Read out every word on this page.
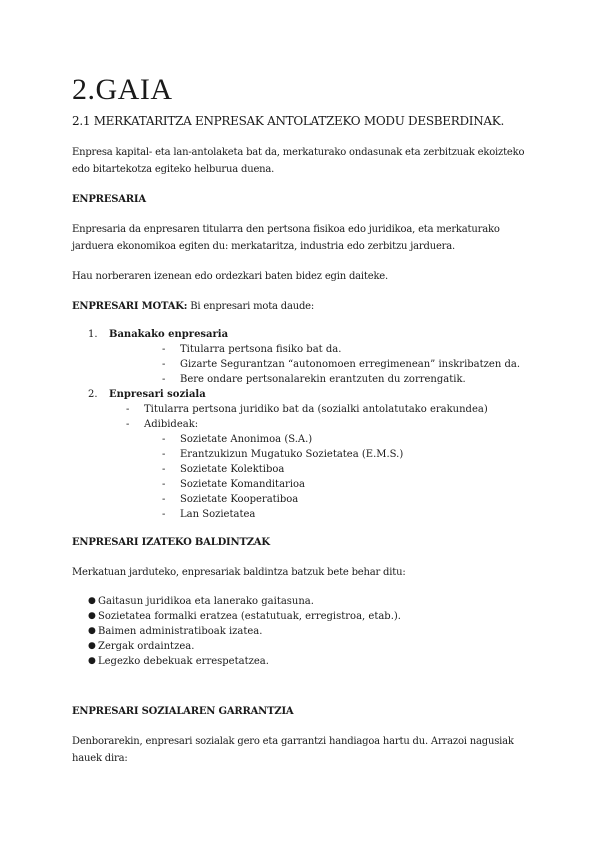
2.GAIA
2.1 MERKATARITZA ENPRESAK ANTOLATZEKO MODU DESBERDINAK.

Enpresa kapital- eta lan-antolaketa bat da, merkaturako ondasunak eta zerbitzuak ekoizteko edo bitartekotza egiteko helburua duena.

ENPRESARIA

Enpresaria da enpresaren titularra den pertsona fisikoa edo juridikoa, eta merkaturako jarduera ekonomikoa egiten du: merkataritza, industria edo zerbitzu jarduera.

Hau norberaren izenean edo ordezkari baten bidez egin daiteke.

ENPRESARI MOTAK: Bi enpresari mota daude:

1. Banakako enpresaria
- Titularra pertsona fisiko bat da.
- Gizarte Segurantzan “autonomoen erregimenean” inskribatzen da.
- Bere ondare pertsonalarekin erantzuten du zorrengatik.
2. Enpresari soziala
- Titularra pertsona juridiko bat da (sozialki antolatutako erakundea)
- Adibideak:
- Sozietate Anonimoa (S.A.)
- Erantzukizun Mugatuko Sozietatea (E.M.S.)
- Sozietate Kolektiboa
- Sozietate Komanditarioa
- Sozietate Kooperatiboa
- Lan Sozietatea

ENPRESARI IZATEKO BALDINTZAK

Merkatuan jarduteko, enpresariak baldintza batzuk bete behar ditu:

● Gaitasun juridikoa eta lanerako gaitasuna.
● Sozietatea formalki eratzea (estatutuak, erregistroa, etab.).
● Baimen administratiboak izatea.
● Zergak ordaintzea.
● Legezko debekuak errespetatzea.

ENPRESARI SOZIALAREN GARRANTZIA

Denborarekin, enpresari sozialak gero eta garrantzi handiagoa hartu du. Arrazoi nagusiak hauek dira:
